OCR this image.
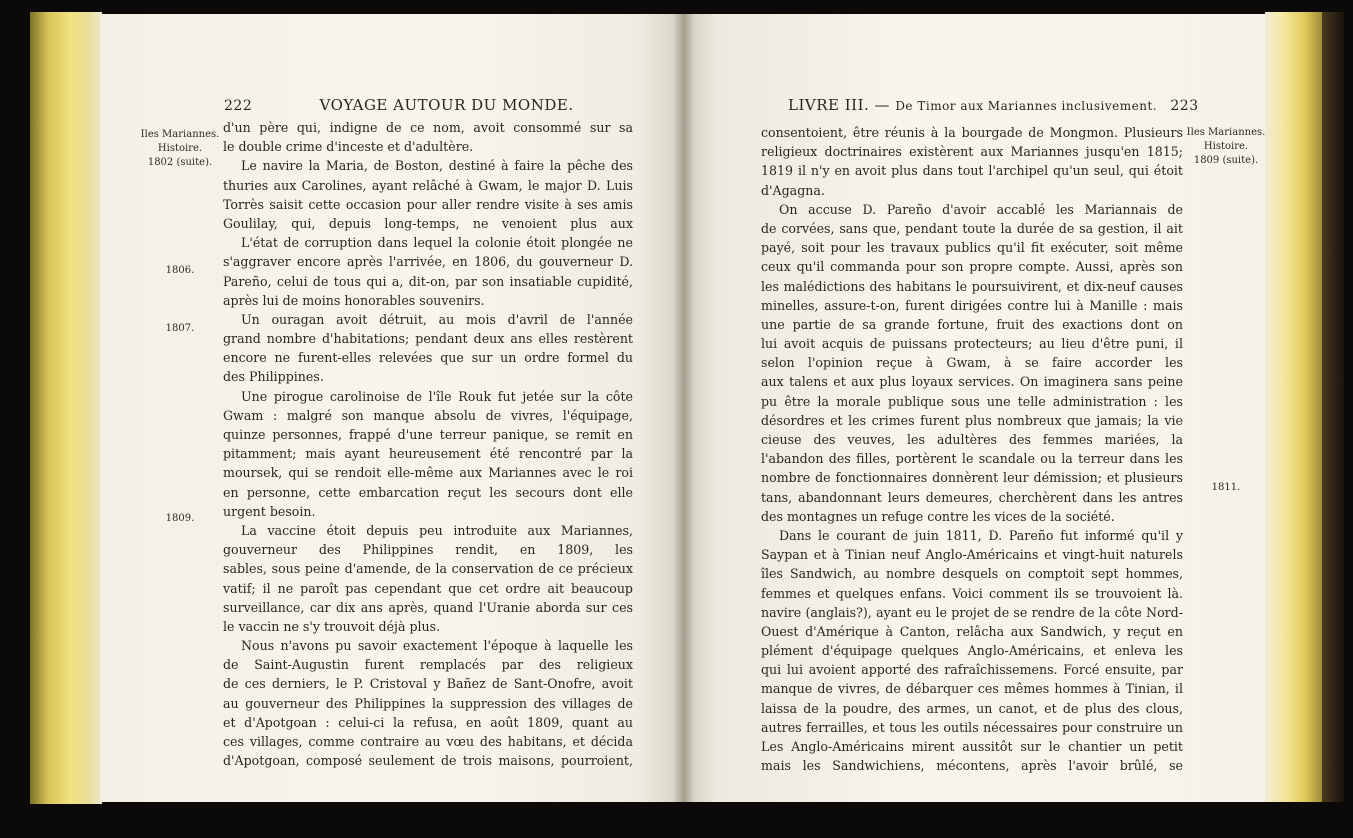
222	VOYAGE AUTOUR DU MONDE.
Iles Mariannes.
Histoire.
1802 (suite).
1806.
1807.
1809.
d'un père qui, indigne de ce nom, avoit consommé sur sa
le double crime d'inceste et d'adultère.
Le navire la Maria, de Boston, destiné à faire la pêche des
thuries aux Carolines, ayant relâché à Gwam, le major D. Luis
Torrès saisit cette occasion pour aller rendre visite à ses amis
Goulilay, qui, depuis long-temps, ne venoient plus aux
L'état de corruption dans lequel la colonie étoit plongée ne
s'aggraver encore après l'arrivée, en 1806, du gouverneur D.
Pareño, celui de tous qui a, dit-on, par son insatiable cupidité,
après lui de moins honorables souvenirs.
Un ouragan avoit détruit, au mois d'avril de l'année
grand nombre d'habitations; pendant deux ans elles restèrent
encore ne furent-elles relevées que sur un ordre formel du
des Philippines.
Une pirogue carolinoise de l'île Rouk fut jetée sur la côte
Gwam : malgré son manque absolu de vivres, l'équipage,
quinze personnes, frappé d'une terreur panique, se remit en
pitamment; mais ayant heureusement été rencontré par la
moursek, qui se rendoit elle-même aux Mariannes avec le roi
en personne, cette embarcation reçut les secours dont elle
urgent besoin.
La vaccine étoit depuis peu introduite aux Mariannes,
gouverneur des Philippines rendit, en 1809, les
sables, sous peine d'amende, de la conservation de ce précieux
vatif; il ne paroît pas cependant que cet ordre ait beaucoup
surveillance, car dix ans après, quand l'Uranie aborda sur ces
le vaccin ne s'y trouvoit déjà plus.
Nous n'avons pu savoir exactement l'époque à laquelle les
de Saint-Augustin furent remplacés par des religieux
de ces derniers, le P. Cristoval y Bañez de Sant-Onofre, avoit
au gouverneur des Philippines la suppression des villages de
et d'Apotgoan : celui-ci la refusa, en août 1809, quant au
ces villages, comme contraire au vœu des habitans, et décida
d'Apotgoan, composé seulement de trois maisons, pourroient,
LIVRE III. — De Timor aux Mariannes inclusivement. 223
Iles Mariannes.
Histoire.
1809 (suite).
1811.
consentoient, être réunis à la bourgade de Mongmon. Plusieurs
religieux doctrinaires existèrent aux Mariannes jusqu'en 1815;
1819 il n'y en avoit plus dans tout l'archipel qu'un seul, qui étoit
d'Agagna.
On accuse D. Pareño d'avoir accablé les Mariannais de
de corvées, sans que, pendant toute la durée de sa gestion, il ait
payé, soit pour les travaux publics qu'il fit exécuter, soit même
ceux qu'il commanda pour son propre compte. Aussi, après son
les malédictions des habitans le poursuivirent, et dix-neuf causes
minelles, assure-t-on, furent dirigées contre lui à Manille : mais
une partie de sa grande fortune, fruit des exactions dont on
lui avoit acquis de puissans protecteurs; au lieu d'être puni, il
selon l'opinion reçue à Gwam, à se faire accorder les
aux talens et aux plus loyaux services. On imaginera sans peine
pu être la morale publique sous une telle administration : les
désordres et les crimes furent plus nombreux que jamais; la vie
cieuse des veuves, les adultères des femmes mariées, la
l'abandon des filles, portèrent le scandale ou la terreur dans les
nombre de fonctionnaires donnèrent leur démission; et plusieurs
tans, abandonnant leurs demeures, cherchèrent dans les antres
des montagnes un refuge contre les vices de la société.
Dans le courant de juin 1811, D. Pareño fut informé qu'il y
Saypan et à Tinian neuf Anglo-Américains et vingt-huit naturels
îles Sandwich, au nombre desquels on comptoit sept hommes,
femmes et quelques enfans. Voici comment ils se trouvoient là.
navire (anglais?), ayant eu le projet de se rendre de la côte Nord-
Ouest d'Amérique à Canton, relâcha aux Sandwich, y reçut en
plément d'équipage quelques Anglo-Américains, et enleva les
qui lui avoient apporté des rafraîchissemens. Forcé ensuite, par
manque de vivres, de débarquer ces mêmes hommes à Tinian, il
laissa de la poudre, des armes, un canot, et de plus des clous,
autres ferrailles, et tous les outils nécessaires pour construire un
Les Anglo-Américains mirent aussitôt sur le chantier un petit
mais les Sandwichiens, mécontens, après l'avoir brûlé, se
